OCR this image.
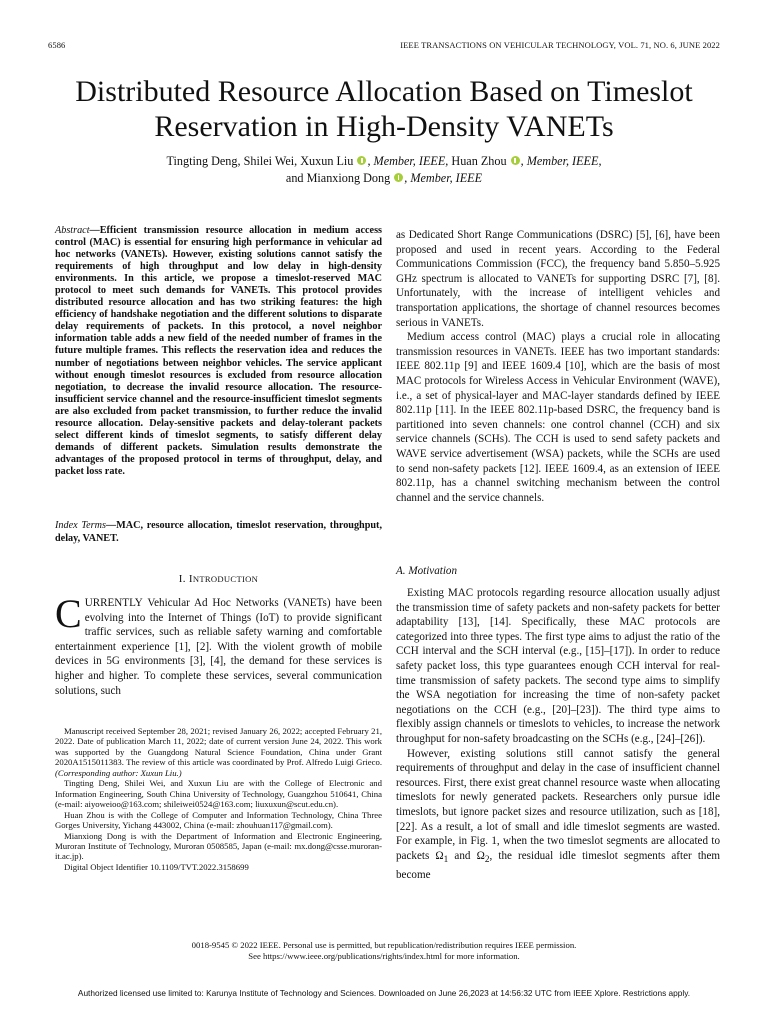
6586	IEEE TRANSACTIONS ON VEHICULAR TECHNOLOGY, VOL. 71, NO. 6, JUNE 2022
Distributed Resource Allocation Based on Timeslot
Reservation in High-Density VANETs
Tingting Deng, Shilei Wei, Xuxun Liu , Member, IEEE, Huan Zhou , Member, IEEE,
and Mianxiong Dong , Member, IEEE
Abstract—Efficient transmission resource allocation in medium access control (MAC) is essential for ensuring high performance in vehicular ad hoc networks (VANETs). However, existing solutions cannot satisfy the requirements of high throughput and low delay in high-density environments. In this article, we propose a timeslot-reserved MAC protocol to meet such demands for VANETs. This protocol provides distributed resource allocation and has two striking features: the high efficiency of handshake negotiation and the different solutions to disparate delay requirements of packets. In this protocol, a novel neighbor information table adds a new field of the needed number of frames in the future multiple frames. This reflects the reservation idea and reduces the number of negotiations between neighbor vehicles. The service applicant without enough timeslot resources is excluded from resource allocation negotiation, to decrease the invalid resource allocation. The resource-insufficient service channel and the resource-insufficient timeslot segments are also excluded from packet transmission, to further reduce the invalid resource allocation. Delay-sensitive packets and delay-tolerant packets select different kinds of timeslot segments, to satisfy different delay demands of different packets. Simulation results demonstrate the advantages of the proposed protocol in terms of throughput, delay, and packet loss rate.
Index Terms—MAC, resource allocation, timeslot reservation, throughput, delay, VANET.
I. INTRODUCTION

CURRENTLY Vehicular Ad Hoc Networks (VANETs) have been evolving into the Internet of Things (IoT) to provide significant traffic services, such as reliable safety warning and comfortable entertainment experience [1], [2]. With the violent growth of mobile devices in 5G environments [3], [4], the demand for these services is higher and higher. To complete these services, several communication solutions, such

Manuscript received September 28, 2021; revised January 26, 2022; accepted February 21, 2022. Date of publication March 11, 2022; date of current version June 24, 2022. This work was supported by the Guangdong Natural Science Foundation, China under Grant 2020A1515011383. The review of this article was coordinated by Prof. Alfredo Luigi Grieco. (Corresponding author: Xuxun Liu.)

Tingting Deng, Shilei Wei, and Xuxun Liu are with the College of Electronic and Information Engineering, South China University of Technology, Guangzhou 510641, China (e-mail: aiyoweioo@163.com; shileiwei0524@163.com; liuxuxun@scut.edu.cn).

Huan Zhou is with the College of Computer and Information Technology, China Three Gorges University, Yichang 443002, China (e-mail: zhouhuan117@gmail.com).

Mianxiong Dong is with the Department of Information and Electronic Engineering, Muroran Institute of Technology, Muroran 0508585, Japan (e-mail: mx.dong@csse.muroran-it.ac.jp).

Digital Object Identifier 10.1109/TVT.2022.3158699

as Dedicated Short Range Communications (DSRC) [5], [6], have been proposed and used in recent years. According to the Federal Communications Commission (FCC), the frequency band 5.850–5.925 GHz spectrum is allocated to VANETs for supporting DSRC [7], [8]. Unfortunately, with the increase of intelligent vehicles and transportation applications, the shortage of channel resources becomes serious in VANETs.

Medium access control (MAC) plays a crucial role in allocating transmission resources in VANETs. IEEE has two important standards: IEEE 802.11p [9] and IEEE 1609.4 [10], which are the basis of most MAC protocols for Wireless Access in Vehicular Environment (WAVE), i.e., a set of physical-layer and MAC-layer standards defined by IEEE 802.11p [11]. In the IEEE 802.11p-based DSRC, the frequency band is partitioned into seven channels: one control channel (CCH) and six service channels (SCHs). The CCH is used to send safety packets and WAVE service advertisement (WSA) packets, while the SCHs are used to send non-safety packets [12]. IEEE 1609.4, as an extension of IEEE 802.11p, has a channel switching mechanism between the control channel and the service channels.

A. Motivation

Existing MAC protocols regarding resource allocation usually adjust the transmission time of safety packets and non-safety packets for better adaptability [13], [14]. Specifically, these MAC protocols are categorized into three types. The first type aims to adjust the ratio of the CCH interval and the SCH interval (e.g., [15]–[17]). In order to reduce safety packet loss, this type guarantees enough CCH interval for real-time transmission of safety packets. The second type aims to simplify the WSA negotiation for increasing the time of non-safety packet negotiations on the CCH (e.g., [20]–[23]). The third type aims to flexibly assign channels or timeslots to vehicles, to increase the network throughput for non-safety broadcasting on the SCHs (e.g., [24]–[26]).

However, existing solutions still cannot satisfy the general requirements of throughput and delay in the case of insufficient channel resources. First, there exist great channel resource waste when allocating timeslots for newly generated packets. Researchers only pursue idle timeslots, but ignore packet sizes and resource utilization, such as [18], [22]. As a result, a lot of small and idle timeslot segments are wasted. For example, in Fig. 1, when the two timeslot segments are allocated to packets $\Omega_1$ and $\Omega_2$, the residual idle timeslot segments after them become

0018-9545 © 2022 IEEE. Personal use is permitted, but republication/redistribution requires IEEE permission.
See https://www.ieee.org/publications/rights/index.html for more information.
Authorized licensed use limited to: Karunya Institute of Technology and Sciences. Downloaded on June 26,2023 at 14:56:32 UTC from IEEE Xplore. Restrictions apply.
